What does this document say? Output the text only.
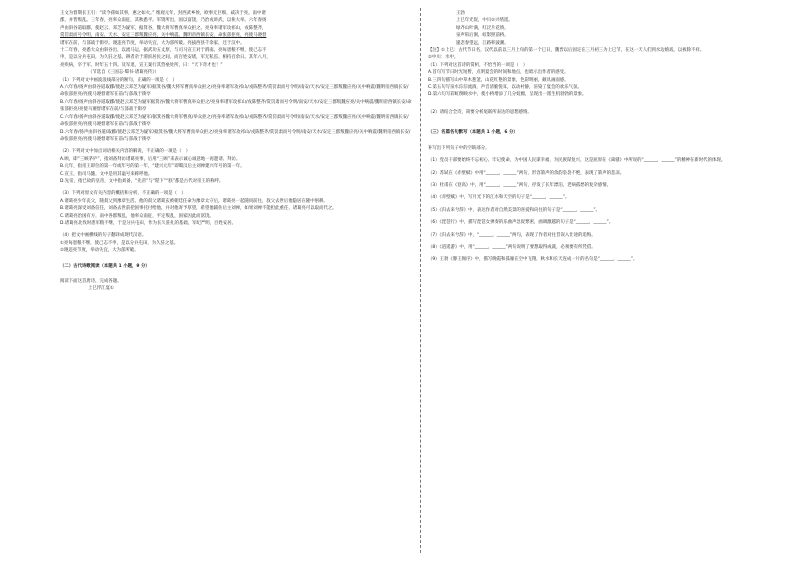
王文为督期长王引：“读今孫如其事，惠之如火。” 维观元年，封西武乡侯，欧事无巨细，咸决于亮。南中诸

郡，并皆叛乱。三年春，亮率众南征，其秋悉平。军资所出，国以富饶，乃治戎讲武，以俟大举。六年春扬

声由斜谷道取郿，使赵云、邓芝为疑军，据箕谷，魏大将军曹真举众拒之。亮身率诸军攻祁山，戎陈整齐，

赏罚肃而号令明，南安、天水、安定三郡叛魏应亮，关中响震。魏明帝西镇长安，命张郃拒亮，亮使马谡督

诸军在前，与郃战于街亭。谡违亮节度，举动失宜，大为郃所破。亮拔西县千余家，还于汉中。

十二年春，亮悉大众由斜谷出，以流马运，据武功五丈原，与司马宣王对于渭南。亮每患粮不继，使己志不

申，是以分兵屯田，为久驻之基。耕者杂于渭滨居民之间，而百姓安堵，军无私焉。相持百余日。其年八月，

亮疾病，卒于军，时年五十四。及军退，宣王案行其营垒处所，曰：“天下奇才也！”

（节选自《三国志·蜀书·诸葛亮传》）

（1）下列对文中画波浪线部分的断句，正确的一项是（　）

A.六年春/扬声由斜谷道取郿/使赵云邓芝为疑军/据箕谷/魏大将军曹真举众拒之/亮身率诸军攻祁山/戎陈整齐/赏罚肃而号令明/南安/天水/安定三郡叛魏应亮/关中响震/魏明帝西镇长安/命张郃拒亮/亮使马谡督诸军在前/与郃战于街亭

B.六年春/扬声由斜谷道取郿/使赵云邓芝为疑军据箕谷/魏大将军曹真举众拒之/亮身率诸军攻祁山/戎陈整齐/赏罚肃而号令明/南安/天水/安定三郡叛魏应亮/关中响震/魏明帝西镇长安/命张郃拒亮/亮使马谡督诸军在前/与郃战于街亭

C.六年春/扬声由斜谷道取郿/使赵云邓芝为疑军/据箕谷魏大将军曹真/举众拒之/亮身率诸军攻祁山/戎陈整齐/赏罚肃而号令明/南安/天水/安定三郡叛魏应亮/关中响震/魏明帝西镇长安/命张郃拒亮/亮使马谡督诸军在前/与郃战于街亭

D.六年春/扬声由斜谷道/取郿/使赵云邓芝为疑军/据箕谷/魏大将军曹真举众拒之/亮身率诸军攻祁山/戎陈整齐/赏罚肃而号令明/南安/天水/安定三郡叛魏应亮/关中响震/魏明帝西镇长安/命张郃拒亮/亮使马谡督诸军在前/与郃战于街亭

（2）下列对文中加点词语相关内容的解说，不正确的一项是（　）

A.顾，即“三顾茅庐”，指刘备拜访诸葛亮事，后用“三顾”来表示诚心诚意地一再邀请、拜访。

B.元年，指帝王即位的第一年或年号的第一年，“建兴元年”即蜀汉后主刘禅建兴年号的第一年。

C.宣王，指司马懿，文中是用其谥号来称呼他。

D.先帝，指已故的皇帝，文中指刘备，“先帝”与“陛下”“朕”都是古代对帝王的称呼。

（3）下列对原文有关内容的概括和分析，不正确的一项是（　）

A.诸葛亮少年丧父，随叔父到豫章生活。他的叔父诸葛玄被朝廷任命为豫章太守后，诸葛亮一起随同前往，叔父去世后他隐居在隆中躬耕。

B.诸葛亮深受刘备信任，刘备去世前把国事托付给他，并对他寄予厚望，希望他辅佐后主刘禅，如果刘禅不能担此重任，诸葛亮可以取而代之。

C.诸葛亮治国有方，南中各郡叛乱，他率众南征，平定叛乱，国家因此而富饶。

D.诸葛亮北伐时患军粮不继，于是分兵屯田，作为长久驻扎的基础，军纪严明，百姓安居。

（4）把文中画横线的句子翻译成现代汉语。

①亮每患粮不继，使己志不申，是以分兵屯田，为久驻之基。

②谡违亮节度，举动失宜，大为郃所破。

（二）古代诗歌阅读（本题共 1 小题，9 分）

阅读下面这首唐诗，完成各题。

上巳浮江宴①

王勃

上巳年光促，中川②兴绪遥。

绿齐山叶满，红泛片花娇。

泉声喧后涧，虹影照前桥。

遽悲春望远，江路积波潮。

【注】①上巳：古代节日名，汉代以前以三月上旬的第一个巳日，魏晋以后固定在三月初三为上巳节，在这一天人们到水边嬉戏，以祓除不祥。

②中川：水中。

（1）下列对这首诗的赏析，不恰当的一项是（　）

A.首句写节日时光短暂，点明宴会的时间和地点，也暗示出作者的感受。

B.三四句描写山中草木葱茏、山花红艳的景象，色彩明丽，颇具画面感。

C.第五句写泉水淙淙流淌，声音清脆悦耳，以动衬静，渲染了宴会的欢乐气氛。

D.第六句写彩虹倒映水中，使小桥增添了几分妩媚，呈现出一派生机勃勃的景象。

（2）请结合全诗，简要分析尾联所表达的思想感情。

（三）名篇名句默写（本题共 1 小题，6 分）

补写出下列句子中的空缺部分。

（1）党员干部要始终不忘初心、牢记使命，为中国人民谋幸福，为民族谋复兴，这是屈原在《离骚》中所说的“______，______”的精神在新时代的体现。

（2）苏轼在《赤壁赋》中用“______，______”两句，形容箫声的余韵袅袅不绝，表现了箫声的悲凉。

（3）杜甫在《登高》中，用“______，______”两句，抒发了长年漂泊、老病孤愁的复杂感情。

（4）《赤壁赋》中，写月光下的江水和天空的句子是“______，______”。

（5）《归去来兮辞》中，表达作者对自然美景的喜爱和向往的句子是“______，______”。

（6）《琵琶行》中，描写琵琶女弹奏的乐曲声急促繁密，曲调激越的句子是“______，______”。

（7）《归去来兮辞》中，“______，______”两句，表现了作者对往昔误入仕途的追悔。

（8）《逍遥游》中，用“______，______”两句说明了要想取得成就，必须要有所凭借。

（9）王勃《滕王阁序》中，描写晚霞和孤雁在空中飞翔，秋水和长天连成一片的名句是“______，______”。
